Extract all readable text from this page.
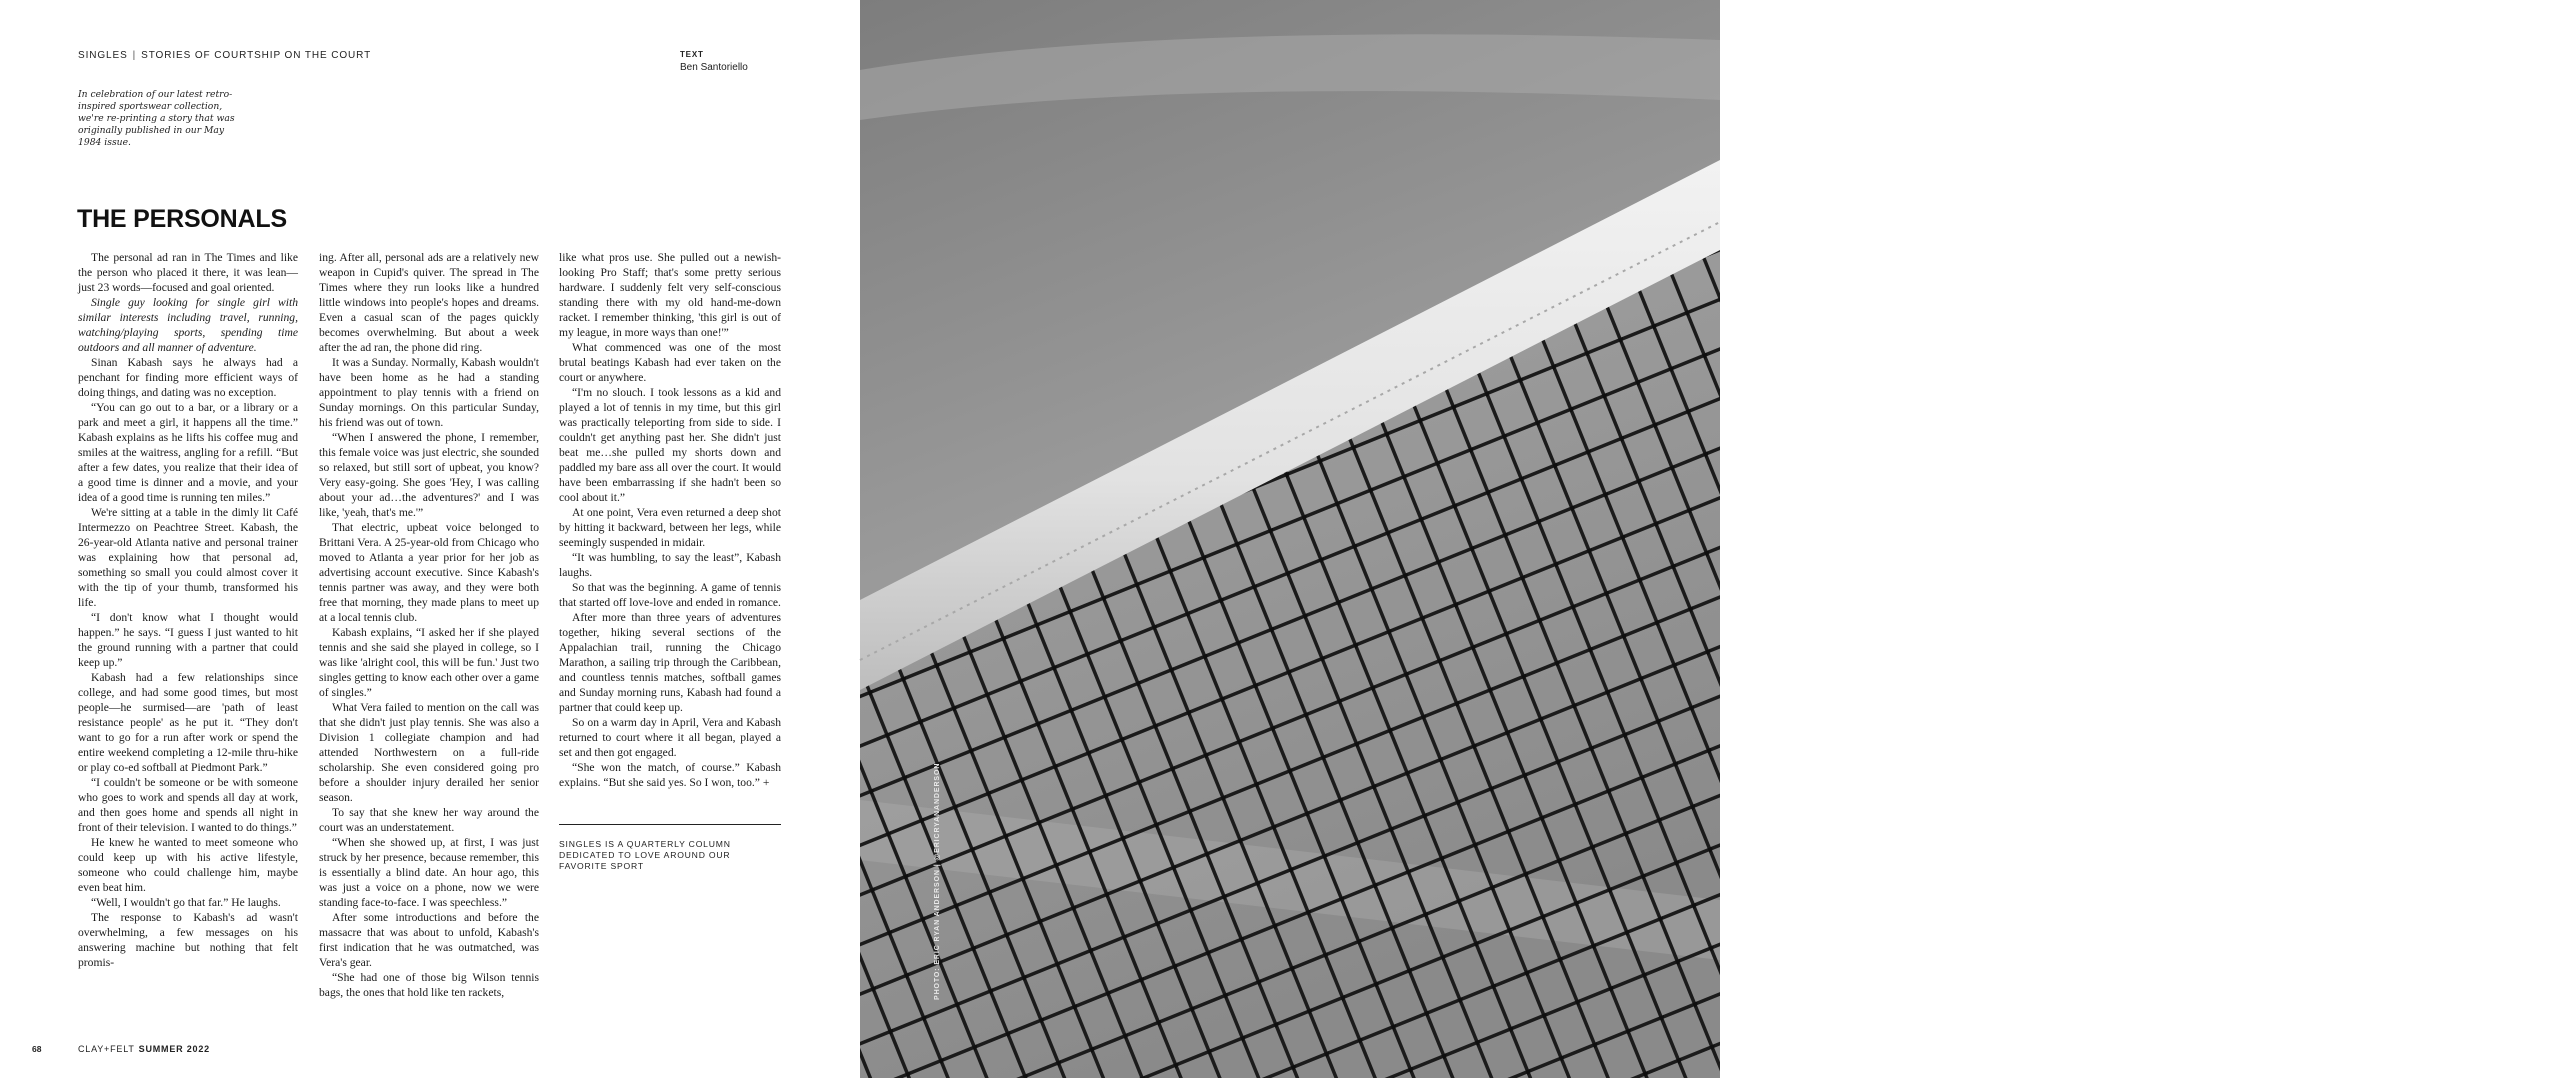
SINGLES | STORIES OF COURTSHIP ON THE COURT	TEXT
Ben Santoriello
In celebration of our latest retro-inspired sportswear collection, we're re-printing a story that was originally published in our May 1984 issue.
THE PERSONALS

The personal ad ran in The Times and like the person who placed it there, it was lean—just 23 words—focused and goal oriented.

Single guy looking for single girl with similar interests including travel, running, watching/playing sports, spending time outdoors and all manner of adventure.

Sinan Kabash says he always had a penchant for finding more efficient ways of doing things, and dating was no exception.

“You can go out to a bar, or a library or a park and meet a girl, it happens all the time.” Kabash explains as he lifts his coffee mug and smiles at the waitress, angling for a refill. “But after a few dates, you realize that their idea of a good time is dinner and a movie, and your idea of a good time is running ten miles.”

We're sitting at a table in the dimly lit Café Intermezzo on Peachtree Street. Kabash, the 26-year-old Atlanta native and personal trainer was explaining how that personal ad, something so small you could almost cover it with the tip of your thumb, transformed his life.

“I don't know what I thought would happen.” he says. “I guess I just wanted to hit the ground running with a partner that could keep up.”

Kabash had a few relationships since college, and had some good times, but most people—he surmised—are 'path of least resistance people' as he put it. “They don't want to go for a run after work or spend the entire weekend completing a 12-mile thru-hike or play co-ed softball at Piedmont Park.”

“I couldn't be someone or be with someone who goes to work and spends all day at work, and then goes home and spends all night in front of their television. I wanted to do things.”

He knew he wanted to meet someone who could keep up with his active lifestyle, someone who could challenge him, maybe even beat him.

“Well, I wouldn't go that far.” He laughs.

The response to Kabash's ad wasn't overwhelming, a few messages on his answering machine but nothing that felt promis-

ing. After all, personal ads are a relatively new weapon in Cupid's quiver. The spread in The Times where they run looks like a hundred little windows into people's hopes and dreams. Even a casual scan of the pages quickly becomes overwhelming. But about a week after the ad ran, the phone did ring.

It was a Sunday. Normally, Kabash wouldn't have been home as he had a standing appointment to play tennis with a friend on Sunday mornings. On this particular Sunday, his friend was out of town.

“When I answered the phone, I remember, this female voice was just electric, she sounded so relaxed, but still sort of upbeat, you know? Very easy-going. She goes 'Hey, I was calling about your ad…the adventures?' and I was like, 'yeah, that's me.'”

That electric, upbeat voice belonged to Brittani Vera. A 25-year-old from Chicago who moved to Atlanta a year prior for her job as advertising account executive. Since Kabash's tennis partner was away, and they were both free that morning, they made plans to meet up at a local tennis club.

Kabash explains, “I asked her if she played tennis and she said she played in college, so I was like 'alright cool, this will be fun.' Just two singles getting to know each other over a game of singles.”

What Vera failed to mention on the call was that she didn't just play tennis. She was also a Division 1 collegiate champion and had attended Northwestern on a full-ride scholarship. She even considered going pro before a shoulder injury derailed her senior season.

To say that she knew her way around the court was an understatement.

“When she showed up, at first, I was just struck by her presence, because remember, this is essentially a blind date. An hour ago, this was just a voice on a phone, now we were standing face-to-face. I was speechless.”

After some introductions and before the massacre that was about to unfold, Kabash's first indication that he was outmatched, was Vera's gear.

“She had one of those big Wilson tennis bags, the ones that hold like ten rackets,

like what pros use. She pulled out a newish-looking Pro Staff; that's some pretty serious hardware. I suddenly felt very self-conscious standing there with my old hand-me-down racket. I remember thinking, 'this girl is out of my league, in more ways than one!'”

What commenced was one of the most brutal beatings Kabash had ever taken on the court or anywhere.

“I'm no slouch. I took lessons as a kid and played a lot of tennis in my time, but this girl was practically teleporting from side to side. I couldn't get anything past her. She didn't just beat me…she pulled my shorts down and paddled my bare ass all over the court. It would have been embarrassing if she hadn't been so cool about it.”

At one point, Vera even returned a deep shot by hitting it backward, between her legs, while seemingly suspended in midair.

“It was humbling, to say the least”, Kabash laughs.

So that was the beginning. A game of tennis that started off love-love and ended in romance.

After more than three years of adventures together, hiking several sections of the Appalachian trail, running the Chicago Marathon, a sailing trip through the Caribbean, and countless tennis matches, softball games and Sunday morning runs, Kabash had found a partner that could keep up.

So on a warm day in April, Vera and Kabash returned to court where it all began, played a set and then got engaged.

“She won the match, of course.” Kabash explains. “But she said yes. So I won, too.” +

SINGLES IS A QUARTERLY COLUMN DEDICATED TO LOVE AROUND OUR FAVORITE SPORT
68	CLAY+FELT SUMMER 2022	69
PHOTO: ERIC RYAN ANDERSON | @ERICRYANANDERSON
